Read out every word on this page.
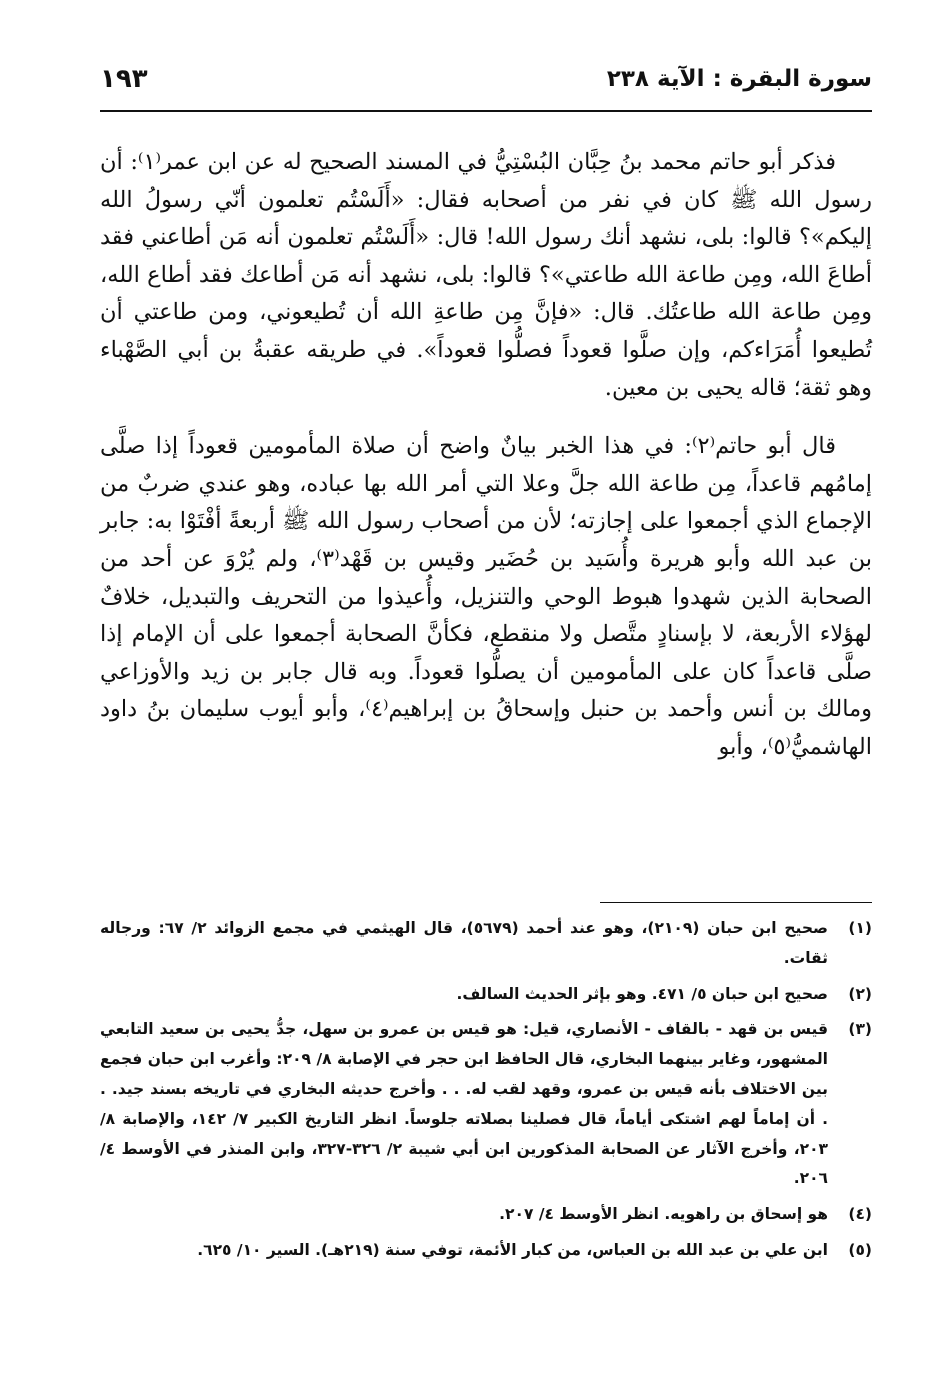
سورة البقرة : الآية ٢٣٨
١٩٣

فذكر أبو حاتم محمد بنُ حِبَّان البُسْتِيُّ في المسند الصحيح له عن ابن عمر⁽١⁾: أن رسول الله ﷺ كان في نفر من أصحابه فقال: «أَلَسْتُم تعلمون أنّي رسولُ الله إليكم»؟ قالوا: بلى، نشهد أنك رسول الله! قال: «أَلَسْتُم تعلمون أنه مَن أطاعني فقد أطاعَ الله، ومِن طاعة الله طاعتي»؟ قالوا: بلى، نشهد أنه مَن أطاعك فقد أطاع الله، ومِن طاعة الله طاعتُك. قال: «فإنَّ مِن طاعةِ الله أن تُطيعوني، ومن طاعتي أن تُطيعوا أُمَرَاءكم، وإن صلَّوا قعوداً فصلُّوا قعوداً». في طريقه عقبةُ بن أبي الصَّهْباء وهو ثقة؛ قاله يحيى بن معين.

قال أبو حاتم⁽٢⁾: في هذا الخبر بيانٌ واضح أن صلاة المأمومين قعوداً إذا صلَّى إمامُهم قاعداً، مِن طاعة الله جلَّ وعلا التي أمر الله بها عباده، وهو عندي ضربٌ من الإجماع الذي أجمعوا على إجازته؛ لأن من أصحاب رسول الله ﷺ أربعةً أفْتَوْا به: جابر بن عبد الله وأبو هريرة وأُسَيد بن حُضَير وقيس بن قَهْد⁽٣⁾، ولم يُرْوَ عن أحد من الصحابة الذين شهدوا هبوط الوحي والتنزيل، وأُعيذوا من التحريف والتبديل، خلافٌ لهؤلاء الأربعة، لا بإسنادٍ متَّصل ولا منقطع، فكأنَّ الصحابة أجمعوا على أن الإمام إذا صلَّى قاعداً كان على المأمومين أن يصلُّوا قعوداً. وبه قال جابر بن زيد والأوزاعي ومالك بن أنس وأحمد بن حنبل وإسحاقُ بن إبراهيم⁽٤⁾، وأبو أيوب سليمان بنُ داود الهاشميُّ⁽٥⁾، وأبو

(١)
صحيح ابن حبان (٢١٠٩)، وهو عند أحمد (٥٦٧٩)، قال الهيثمي في مجمع الزوائد ٢/ ٦٧: ورجاله ثقات.
(٢)
صحيح ابن حبان ٥/ ٤٧١. وهو بإثر الحديث السالف.
(٣)
قيس بن قهد - بالقاف - الأنصاري، قيل: هو قيس بن عمرو بن سهل، جدُّ يحيى بن سعيد التابعي المشهور، وغاير بينهما البخاري، قال الحافظ ابن حجر في الإصابة ٨/ ٢٠٩: وأغرب ابن حبان فجمع بين الاختلاف بأنه قيس بن عمرو، وقهد لقب له. . . وأخرج حديثه البخاري في تاريخه بسند جيد. . . أن إماماً لهم اشتكى أياماً، قال فصلينا بصلاته جلوساً. انظر التاريخ الكبير ٧/ ١٤٢، والإصابة ٨/ ٢٠٣، وأخرج الآثار عن الصحابة المذكورين ابن أبي شيبة ٢/ ٣٢٦-٣٢٧، وابن المنذر في الأوسط ٤/ ٢٠٦.
(٤)
هو إسحاق بن راهويه. انظر الأوسط ٤/ ٢٠٧.
(٥)
ابن علي بن عبد الله بن العباس، من كبار الأئمة، توفي سنة (٢١٩هـ). السير ١٠/ ٦٢٥.
